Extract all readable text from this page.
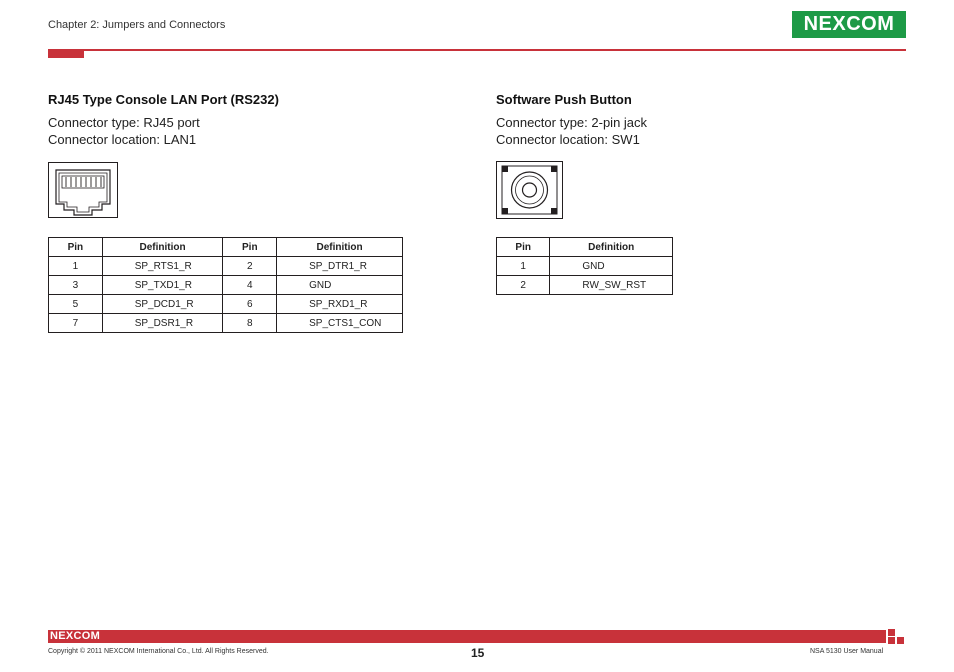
Chapter 2: Jumpers and Connectors	NEXCOM
RJ45 Type Console LAN Port (RS232)
Connector type: RJ45 port
Connector location: LAN1
Pin	Definition	Pin	Definition
1	SP_RTS1_R	2	SP_DTR1_R
3	SP_TXD1_R	4	GND
5	SP_DCD1_R	6	SP_RXD1_R
7	SP_DSR1_R	8	SP_CTS1_CON
Software Push Button
Connector type: 2-pin jack
Connector location: SW1
Pin	Definition
1	GND
2	RW_SW_RST
NEXCOM
Copyright © 2011 NEXCOM International Co., Ltd. All Rights Reserved.	15	NSA 5130 User Manual
